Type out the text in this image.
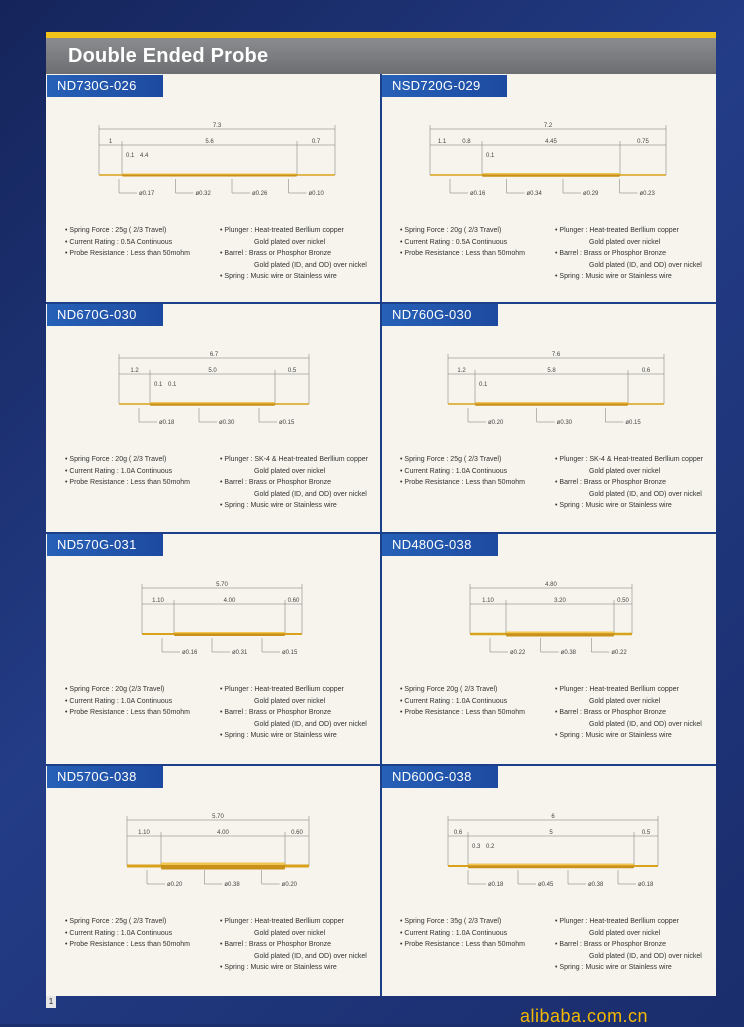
Double Ended Probe
ND730G-026
7.3
1	5.6	0.7
0.1 4.4
ø0.17	ø0.32	ø0.26	ø0.10
• Spring Force : 25g ( 2/3 Travel)
• Current Rating : 0.5A Continuous
• Probe Resistance : Less than 50mohm
• Plunger : Heat-treated Berllium copper
Gold plated over nickel
• Barrel : Brass or Phosphor Bronze
Gold plated (ID, and OD) over nickel
• Spring : Music wire or Stainless wire
NSD720G-029
7.2
1.1	0.8	4.45	0.75
0.1
ø0.16	ø0.34	ø0.29	ø0.23
• Spring Force : 20g ( 2/3 Travel)
• Current Rating : 0.5A Continuous
• Probe Resistance : Less than 50mohm
• Plunger : Heat-treated Berllium copper
Gold plated over nickel
• Barrel : Brass or Phosphor Bronze
Gold plated (ID, and OD) over nickel
• Spring : Music wire or Stainless wire
ND670G-030
6.7
1.2	5.0	0.5
0.1 0.1
ø0.18	ø0.30	ø0.15
• Spring Force : 20g ( 2/3 Travel)
• Current Rating : 1.0A Continuous
• Probe Resistance : Less than 50mohm
• Plunger : SK-4 & Heat-treated Berllium copper
Gold plated over nickel
• Barrel : Brass or Phosphor Bronze
Gold plated (ID, and OD) over nickel
• Spring : Music wire or Stainless wire
ND760G-030
7.6
1.2	5.8	0.6
0.1
ø0.20	ø0.30	ø0.15
• Spring Force : 25g ( 2/3 Travel)
• Current Rating : 1.0A Continuous
• Probe Resistance : Less than 50mohm
• Plunger : SK-4 & Heat-treated Berllium copper
Gold plated over nickel
• Barrel : Brass or Phosphor Bronze
Gold plated (ID, and OD) over nickel
• Spring : Music wire or Stainless wire
ND570G-031
5.70
1.10	4.00	0.60
ø0.16	ø0.31	ø0.15
• Spring Force : 20g (2/3 Travel)
• Current Rating : 1.0A Continuous
• Probe Resistance : Less than 50mohm
• Plunger : Heat-treated Berllium copper
Gold plated over nickel
• Barrel : Brass or Phosphor Bronze
Gold plated (ID, and OD) over nickel
• Spring : Music wire or Stainless wire
ND480G-038
4.80
1.10	3.20	0.50
ø0.22	ø0.38	ø0.22
• Spring Force 20g ( 2/3 Travel)
• Current Rating : 1.0A Continuous
• Probe Resistance : Less than 50mohm
• Plunger : Heat-treated Berllium copper
Gold plated over nickel
• Barrel : Brass or Phosphor Bronze
Gold plated (ID, and OD) over nickel
• Spring : Music wire or Stainless wire
ND570G-038
5.70
1.10	4.00	0.60
ø0.20	ø0.38	ø0.20
• Spring Force : 25g ( 2/3 Travel)
• Current Rating : 1.0A Continuous
• Probe Resistance : Less than 50mohm
• Plunger : Heat-treated Berllium copper
Gold plated over nickel
• Barrel : Brass or Phosphor Bronze
Gold plated (ID, and OD) over nickel
• Spring : Music wire or Stainless wire
ND600G-038
6
0.6	5	0.5
0.3 0.2
ø0.18	ø0.45	ø0.38	ø0.18
• Spring Force : 35g ( 2/3 Travel)
• Current Rating : 1.0A Continuous
• Probe Resistance : Less than 50mohm
• Plunger : Heat-treated Berllium copper
Gold plated over nickel
• Barrel : Brass or Phosphor Bronze
Gold plated (ID, and OD) over nickel
• Spring : Music wire or Stainless wire
1
alibaba.com.cn
